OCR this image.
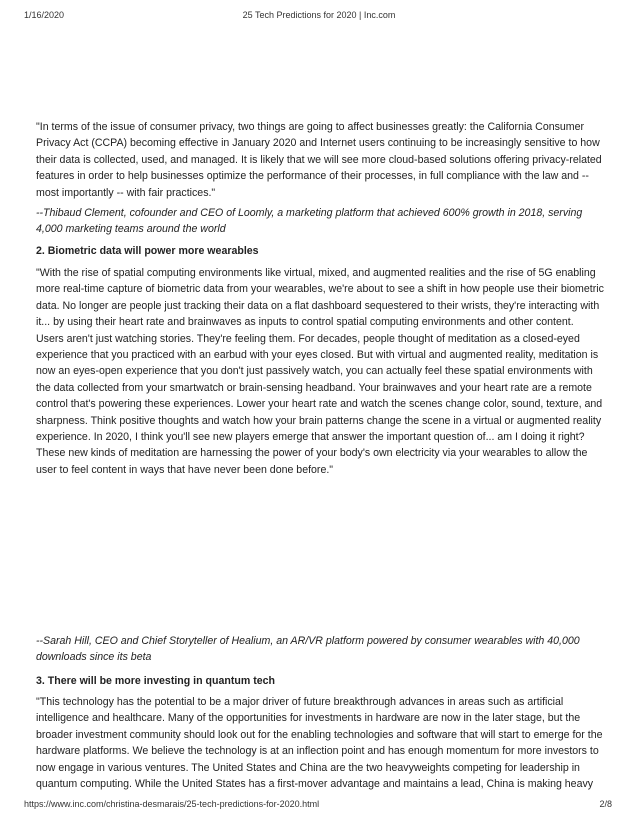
1/16/2020	25 Tech Predictions for 2020 | Inc.com

"In terms of the issue of consumer privacy, two things are going to affect businesses greatly: the California Consumer Privacy Act (CCPA) becoming effective in January 2020 and Internet users continuing to be increasingly sensitive to how their data is collected, used, and managed. It is likely that we will see more cloud-based solutions offering privacy-related features in order to help businesses optimize the performance of their processes, in full compliance with the law and -- most importantly -- with fair practices."

--Thibaud Clement, cofounder and CEO of Loomly, a marketing platform that achieved 600% growth in 2018, serving 4,000 marketing teams around the world

2. Biometric data will power more wearables

"With the rise of spatial computing environments like virtual, mixed, and augmented realities and the rise of 5G enabling more real-time capture of biometric data from your wearables, we're about to see a shift in how people use their biometric data. No longer are people just tracking their data on a flat dashboard sequestered to their wrists, they're interacting with it... by using their heart rate and brainwaves as inputs to control spatial computing environments and other content. Users aren't just watching stories. They're feeling them. For decades, people thought of meditation as a closed-eyed experience that you practiced with an earbud with your eyes closed. But with virtual and augmented reality, meditation is now an eyes-open experience that you don't just passively watch, you can actually feel these spatial environments with the data collected from your smartwatch or brain-sensing headband. Your brainwaves and your heart rate are a remote control that's powering these experiences. Lower your heart rate and watch the scenes change color, sound, texture, and sharpness. Think positive thoughts and watch how your brain patterns change the scene in a virtual or augmented reality experience. In 2020, I think you'll see new players emerge that answer the important question of... am I doing it right? These new kinds of meditation are harnessing the power of your body's own electricity via your wearables to allow the user to feel content in ways that have never been done before."

--Sarah Hill, CEO and Chief Storyteller of Healium, an AR/VR platform powered by consumer wearables with 40,000 downloads since its beta

3. There will be more investing in quantum tech

"This technology has the potential to be a major driver of future breakthrough advances in areas such as artificial intelligence and healthcare. Many of the opportunities for investments in hardware are now in the later stage, but the broader investment community should look out for the enabling technologies and software that will start to emerge for the hardware platforms. We believe the technology is at an inflection point and has enough momentum for more investors to now engage in various ventures. The United States and China are the two heavyweights competing for leadership in quantum computing. While the United States has a first-mover advantage and maintains a lead, China is making heavy

https://www.inc.com/christina-desmarais/25-tech-predictions-for-2020.html	2/8
